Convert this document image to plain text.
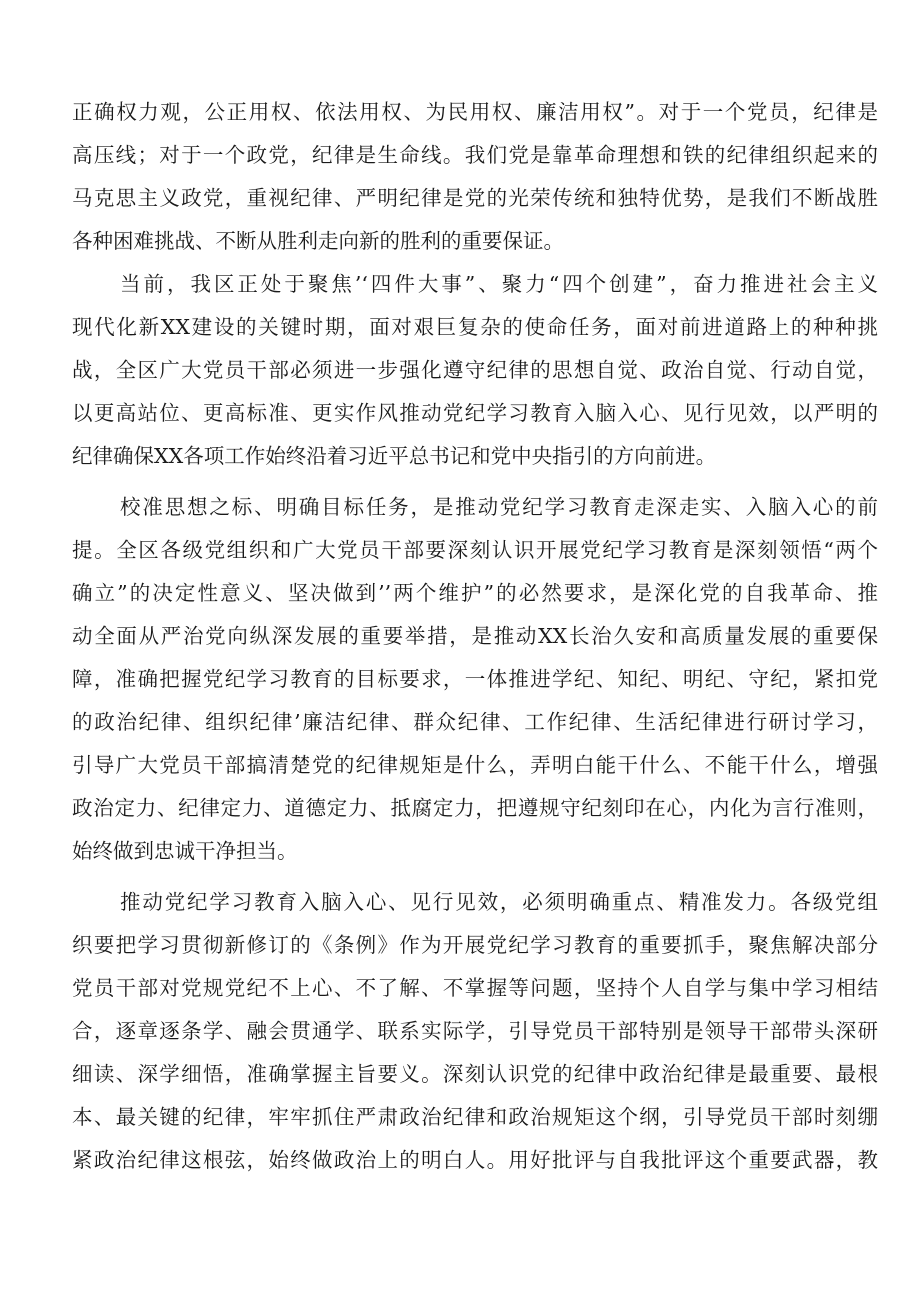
正确权力观，公正用权、依法用权、为民用权、廉洁用权”。对于一个党员，纪律是
高压线；对于一个政党，纪律是生命线。我们党是靠革命理想和铁的纪律组织起来的
马克思主义政党，重视纪律、严明纪律是党的光荣传统和独特优势，是我们不断战胜
各种困难挑战、不断从胜利走向新的胜利的重要保证。
当前，我区正处于聚焦’‘四件大事”、聚力“四个创建”，奋力推进社会主义
现代化新XX建设的关键时期，面对艰巨复杂的使命任务，面对前进道路上的种种挑
战，全区广大党员干部必须进一步强化遵守纪律的思想自觉、政治自觉、行动自觉，
以更高站位、更高标准、更实作风推动党纪学习教育入脑入心、见行见效，以严明的
纪律确保XX各项工作始终沿着习近平总书记和党中央指引的方向前进。
校准思想之标、明确目标任务，是推动党纪学习教育走深走实、入脑入心的前
提。全区各级党组织和广大党员干部要深刻认识开展党纪学习教育是深刻领悟“两个
确立”的决定性意义、坚决做到’’两个维护”的必然要求，是深化党的自我革命、推
动全面从严治党向纵深发展的重要举措，是推动XX长治久安和高质量发展的重要保
障，准确把握党纪学习教育的目标要求，一体推进学纪、知纪、明纪、守纪，紧扣党
的政治纪律、组织纪律’廉洁纪律、群众纪律、工作纪律、生活纪律进行研讨学习，
引导广大党员干部搞清楚党的纪律规矩是什么，弄明白能干什么、不能干什么，增强
政治定力、纪律定力、道德定力、抵腐定力，把遵规守纪刻印在心，内化为言行准则，
始终做到忠诚干净担当。
推动党纪学习教育入脑入心、见行见效，必须明确重点、精准发力。各级党组
织要把学习贯彻新修订的《条例》作为开展党纪学习教育的重要抓手，聚焦解决部分
党员干部对党规党纪不上心、不了解、不掌握等问题，坚持个人自学与集中学习相结
合，逐章逐条学、融会贯通学、联系实际学，引导党员干部特别是领导干部带头深研
细读、深学细悟，准确掌握主旨要义。深刻认识党的纪律中政治纪律是最重要、最根
本、最关键的纪律，牢牢抓住严肃政治纪律和政治规矩这个纲，引导党员干部时刻绷
紧政治纪律这根弦，始终做政治上的明白人。用好批评与自我批评这个重要武器，教
